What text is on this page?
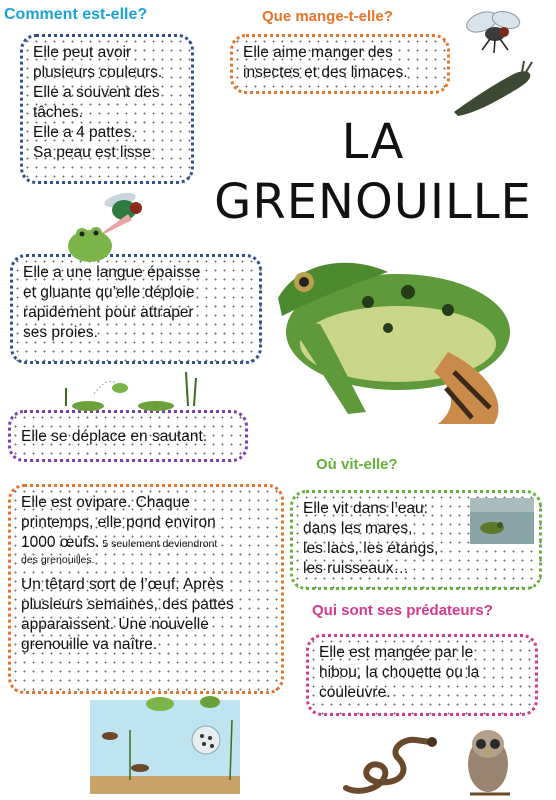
Comment est-elle?	Que mange-t-elle?
Où vit-elle?
Qui sont ses prédateurs?
LA
GRENOUILLE

Elle peut avoir

plusieurs couleurs.

Elle a souvent des

tâches.

Elle a 4 pattes.

Sa peau est lisse

Elle aime manger des

insectes et des limaces.

Elle a une langue épaisse

et gluante qu’elle déploie

rapidement pour attraper

ses proies.

Elle se déplace en sautant.

Elle est ovipare. Chaque

printemps, elle pond environ

1000 œufs. 5 seulement deviendront

des grenouilles.

Un têtard sort de l’œuf. Après

plusieurs semaines, des pattes

apparaissent. Une nouvelle

grenouille va naître.

Elle vit dans l’eau:

dans les mares,

les lacs, les étangs,

les ruisseaux…

Elle est mangée par le

hibou, la chouette ou la

couleuvre.
